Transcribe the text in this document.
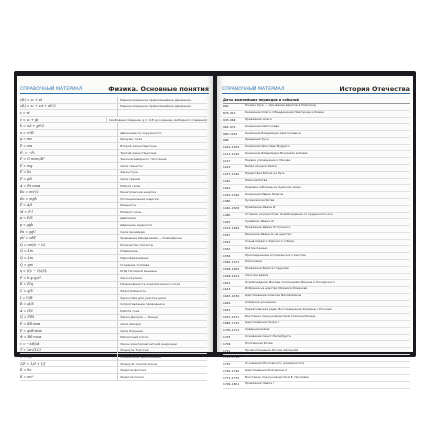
СПРАВОЧНЫЙ МАТЕРИАЛ	Физика. Основные понятия
v(t) = v₀ + at	Равноускоренное прямолинейное движение
x(t) = x₀ + v₀t + at²/2	Равноускоренное прямолинейное движение
s = vt
v = v₀ + gt	Свободное падение, g = 9,8 (ускорение свободного падения)
h = v₀t + gt²/2
a = v²/R	Движение по окружности
p = mv	Импульс тела
F = ma	Второй закон Ньютона
F₁ = −F₂	Третий закон Ньютона
F = G·m₁m₂/R²	Закон всемирного тяготения
F = mg	Сила тяжести
F = kx	Закон Гука
F = μN	Сила трения
A = Fs·cosα	Работа силы
Eк = mv²/2	Кинетическая энергия
Eп = mgh	Потенциальная энергия
P = A/t	Мощность
M = F·l	Момент силы
p = F/S	Давление
p = ρgh	Давление жидкости
Fа = ρgV	Сила Архимеда
pV = νRT	Уравнение Менделеева — Клапейрона
Q = cm(t₂ − t₁)	Количество теплоты
Q = λm	Плавление
Q = Lm	Парообразование
Q = qm	Сгорание топлива
η = (Q₁ − Q₂)/Q₁	КПД тепловой машины
F = k·q₁q₂/r²	Закон Кулона
E = F/q	Напряжённость электрического поля
C = q/U	Электроёмкость
I = U/R	Закон Ома для участка цепи
R = ρl/S	Сопротивление проводника
A = IUt	Работа тока
Q = I²Rt	Закон Джоуля — Ленца
F = BIl·sinα	Сила Ампера
F = qvB·sinα	Сила Лоренца
Φ = BS·cosα	Магнитный поток
ε = −ΔΦ/Δt	Закон электромагнитной индукции
T = 2π√(LC)	Формула Томсона
n = c/v	Показатель преломления
1/F = 1/d + 1/f	Формула тонкой линзы
E = hν	Энергия фотона
E = mc²	Энергия покоя
СПРАВОЧНЫЙ МАТЕРИАЛ	История Отечества
Даты важнейших периодов и событий
862	Начало Руси — призвание варягов в Новгород
879–912	Княжение Олега. Объединение Новгорода и Киева
945–964	Правление Ольги
964–972	Княжение Святослава
980–1015	Княжение Владимира Святославича
988	Крещение Руси
1019–1054	Княжение Ярослава Мудрого
1113–1125	Княжение Владимира Мономаха в Киеве
1147	Первое упоминание о Москве
1223	Битва на реке Калке
1237–1240	Нашествие Батыя на Русь
1240	Невская битва
1242	Ледовое побоище на Чудском озере
1325–1340	Княжение Ивана Калиты
1380	Куликовская битва
1462–1505	Правление Ивана III
1480	Стояние на реке Угре. Освобождение от ордынского ига
1497	Судебник Ивана III
1533–1584	Правление Ивана IV Грозного
1547	Венчание Ивана IV на царство
1549	Созыв первого Земского собора
1552	Взятие Казани
1556	Присоединение Астраханского ханства
1565–1572	Опричнина
1598–1605	Правление Бориса Годунова
1598–1613	Смутное время
1612	Освобождение Москвы ополчением Минина и Пожарского
1613	Избрание на царство Михаила Романова
1645–1676	Царствование Алексея Михайловича
1649	Соборное уложение
1654	Переяславская рада. Воссоединение Украины с Россией
1670–1671	Восстание под руководством Степана Разина
1682–1725	Царствование Петра I
1700–1721	Северная война
1703	Основание Санкт-Петербурга
1709	Полтавская битва
1721	Провозглашение России империей
1725–1762	Эпоха дворцовых переворотов
1755	Основание Московского университета
1762–1796	Царствование Екатерины II
1773–1775	Восстание под руководством Е. Пугачёва
1796–1801	Правление Павла I
